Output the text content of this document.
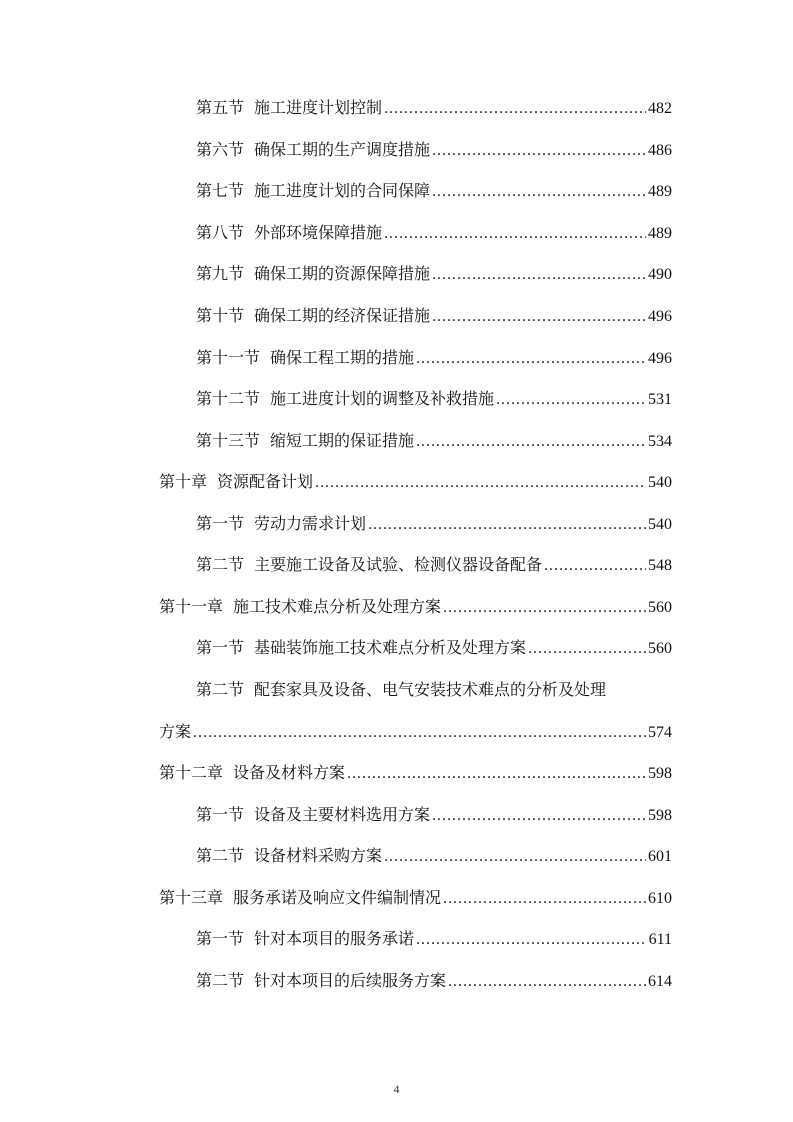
第五节 施工进度计划控制 .....	482
第六节 确保工期的生产调度措施 .....	486
第七节 施工进度计划的合同保障 .....	489
第八节 外部环境保障措施 .....	489
第九节 确保工期的资源保障措施 .....	490
第十节 确保工期的经济保证措施 .....	496
第十一节 确保工程工期的措施 .....	496
第十二节 施工进度计划的调整及补救措施 .....	531
第十三节 缩短工期的保证措施 .....	534
第十章 资源配备计划 .....	540
第一节 劳动力需求计划 .....	540
第二节 主要施工设备及试验、检测仪器设备配备 .....	548
第十一章 施工技术难点分析及处理方案 .....	560
第一节 基础装饰施工技术难点分析及处理方案 .....	560
第二节 配套家具及设备、电气安装技术难点的分析及处理
方案 .....	574
第十二章 设备及材料方案 .....	598
第一节 设备及主要材料选用方案 .....	598
第二节 设备材料采购方案 .....	601
第十三章 服务承诺及响应文件编制情况 .....	610
第一节 针对本项目的服务承诺 .....	611
第二节 针对本项目的后续服务方案 .....	614
4
